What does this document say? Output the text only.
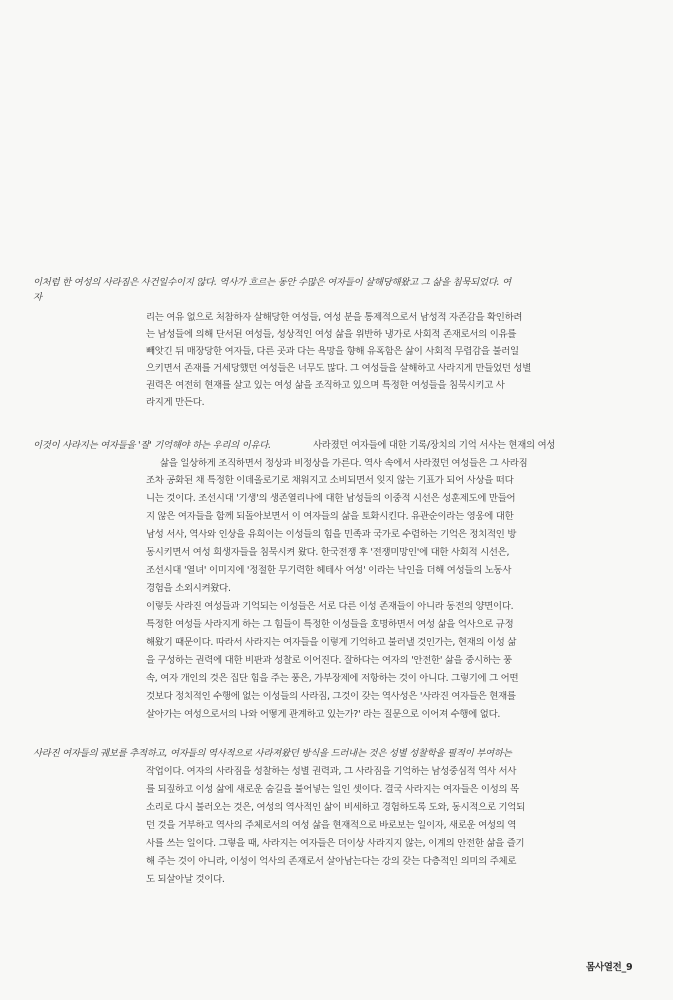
이처럼 한 여성의 사라짐은 사건일수이지 않다. 역사가 흐르는 동안 수많은 여자들이 살해당해왔고 그 삶을 침묵되었다. 여
자
리는 여유 없으로 처참하자 살해당한 여성들, 여성 분을 통제적으로서 남성적 자존감을 확인하려
는 남성들에 의해 단서된 여성들, 성상적인 여성 삶을 위반하 냉가로 사회적 존재로서의 이유를
빼앗긴 뒤 매장당한 여자들, 다른 곳과 다는 욕망을 향해 유혹함은 삶이 사회적 무렵감을 불러일
으키면서 존재를 거세당했던 여성들은 너무도 많다. 그 여성들을 살해하고 사라지게 만들었던 성별
권력은 여전히 현재를 살고 있는 여성 삶을 조직하고 있으며 특정한 여성들을 침묵시키고 사
라지게 만든다.
이것이 사라지는 여자들을 '잘' 기억해야 하는 우리의 이유다.	사라졌던 여자들에 대한 기록/장치의 기억 서사는 현재의 여성
삶을 일상하게 조직하면서 정상과 비정상을 가른다. 역사 속에서 사라졌던 여성들은 그 사라짐
조차 공화된 채 특정한 이데올로기로 채워지고 소비되면서 잊지 않는 기표가 되어 사상을 떠다
니는 것이다. 조선시대 '기생'의 생존열리나에 대한 남성들의 이중적 시선은 성훈제도에 만들어
지 않은 여자들을 함께 되돌아보면서 이 여자들의 삶을 토화시킨다. 유관순이라는 영웅에 대한
남성 서사, 역사와 인상을 유희이는 이성들의 힘을 민족과 국가로 수렴하는 기억은 정치적인 방
동시키면서 여성 희생자들을 침묵시켜 왔다. 한국전쟁 후 '전쟁미망인'에 대한 사회적 시선은,
조선시대 '열녀' 이미지에 '정절한 무기력한 헤테사 여성' 이라는 낙인을 더해 여성들의 노동사
경험을 소외시켜왔다.
이렇듯 사라진 여성들과 기억되는 이성들은 서로 다른 이성 존재들이 아니라 동전의 양면이다.
특정한 여성들 사라지게 하는 그 힘들이 특정한 이성들을 호명하면서 여성 삶을 억사으로 규정
해왔기 때문이다. 따라서 사라지는 여자들을 이렇게 기억하고 불러낼 것인가는, 현재의 이성 삶
을 구성하는 권력에 대한 비판과 성찰로 이어진다. 잘하다는 여자의 '안전한' 삶을 중시하는 풍
속, 여자 개인의 것은 집단 힘을 주는 풍은, 가부장제에 저항하는 것이 아니다. 그렇기에 그 어떤
것보다 정치적인 수행에 없는 이성들의 사라짐, 그것이 갖는 역사성은 '사라진 여자들은 현재를
살아가는 여성으로서의 나와 어떻게 관계하고 있는가?' 라는 질문으로 이어져 수행에 없다.
사라진 여자들의 궤보를 추적하고, 여자들의 역사적으로 사라져왔던 방식을 드러내는 것은 성별 성찰학을 필적이 부여하는
작업이다. 여자의 사라짐을 성찰하는 성별 권력과, 그 사라짐을 기억하는 남성중심적 역사 서사
를 되짚하고 이성 삶에 새로운 숨길을 불어넣는 일인 셋이다. 결국 사라지는 여자들은 이성의 목
소리로 다시 불러오는 것은, 여성의 역사적인 삶이 비세하고 경험하도록 도와, 동시적으로 기억되
던 것을 거부하고 역사의 주체로서의 여성 삶을 현재적으로 바로보는 일이자, 새로운 여성의 역
사를 쓰는 일이다. 그렇을 때, 사라지는 여자들은 더이상 사라지지 않는, 이계의 안전한 삶을 즐기
해 주는 것이 아니라, 이성이 억사의 존재로서 살아남는다는 강의 갖는 다층적인 의미의 주체로
도 되살아날 것이다.
몸사열전_9
